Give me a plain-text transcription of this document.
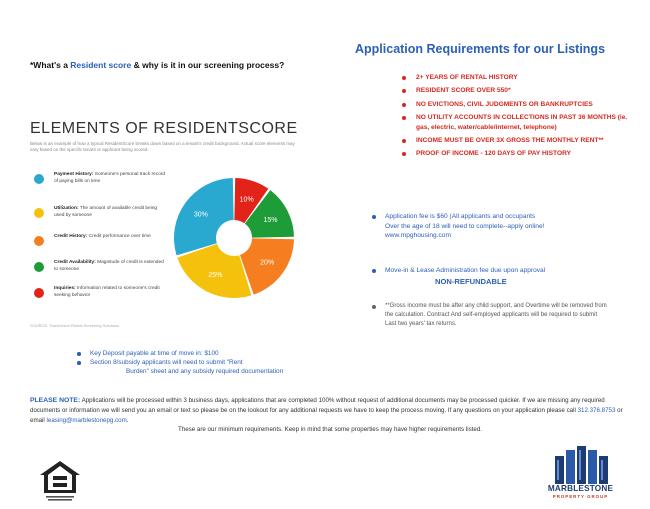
*What's a Resident score & why is it in our screening process?
Application Requirements for our Listings
2+ YEARS OF RENTAL HISTORY
RESIDENT SCORE OVER 550*
NO EVICTIONS, CIVIL JUDGMENTS OR BANKRUPTCIES
NO UTILITY ACCOUNTS IN COLLECTIONS IN PAST 36 MONTHS (ie. gas, electric, water/cable/internet, telephone)
INCOME MUST BE OVER 3X GROSS THE MONTHLY RENT**
PROOF OF INCOME - 120 DAYS OF PAY HISTORY
Application fee is $60 (All applicants and occupants
Over the age of 18 will need to complete--apply online!
www.mpghousing.com
Move-in & Lease Administration fee due upon approval
NON-REFUNDABLE
**Gross income must be after any child support, and Overtime will be removed from the calculation. Contract And self-employed applicants will be required to submit Last two years' tax returns.
ELEMENTS OF RESIDENTSCORE
Below is an example of how a typical ResidentScore breaks down based on a tenant's credit background. Actual score elements may vary based on the specific tenant or applicant being scored.
Payment History: Someone's personal track record of paying bills on time
Utilization: The amount of available credit being used by someone
Credit History: Credit performance over time
Credit Availability: Magnitude of credit is extended to someone
Inquiries: Information related to someone's credit seeking behavior
10%
15%
20%
25%
30%
SOURCE: TransUnion Rental Screening Solutions
Key Deposit payable at time of move in: $100
Section 8/subsidy applicants will need to submit "Rent
Burden" sheet and any subsidy required documentation
PLEASE NOTE: Applications will be processed within 3 business days, applications that are completed 100% without request of additional documents may be processed quicker. If we are missing any required documents or information we will send you an email or text so please be on the lookout for any additional requests we have to keep the process moving. If any questions on your application please call 312.376.8753 or email leasing@marblestonepg.com.
These are our minimum requirements. Keep in mind that some properties may have higher requirements listed.
MARBLESTONE
PROPERTY GROUP
